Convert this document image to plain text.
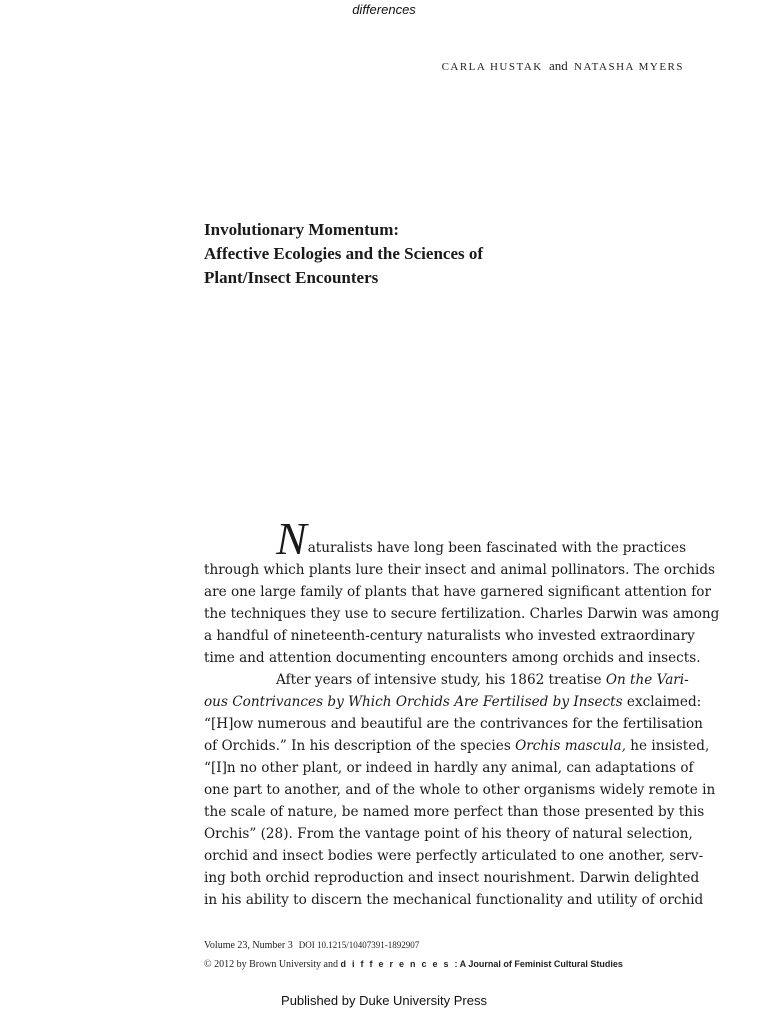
differences
CARLA HUSTAK and NATASHA MYERS
Involutionary Momentum:
Affective Ecologies and the Sciences of
Plant/Insect Encounters
Naturalists have long been fascinated with the practices
through which plants lure their insect and animal pollinators. The orchids
are one large family of plants that have garnered significant attention for
the techniques they use to secure fertilization. Charles Darwin was among
a handful of nineteenth-century naturalists who invested extraordinary
time and attention documenting encounters among orchids and insects.
After years of intensive study, his 1862 treatise On the Vari-
ous Contrivances by Which Orchids Are Fertilised by Insects exclaimed:
“[H]ow numerous and beautiful are the contrivances for the fertilisation
of Orchids.” In his description of the species Orchis mascula, he insisted,
“[I]n no other plant, or indeed in hardly any animal, can adaptations of
one part to another, and of the whole to other organisms widely remote in
the scale of nature, be named more perfect than those presented by this
Orchis” (28). From the vantage point of his theory of natural selection,
orchid and insect bodies were perfectly articulated to one another, serv-
ing both orchid reproduction and insect nourishment. Darwin delighted
in his ability to discern the mechanical functionality and utility of orchid
Volume 23, Number 3 DOI 10.1215/10407391-1892907
© 2012 by Brown University and differences: A Journal of Feminist Cultural Studies
Published by Duke University Press
